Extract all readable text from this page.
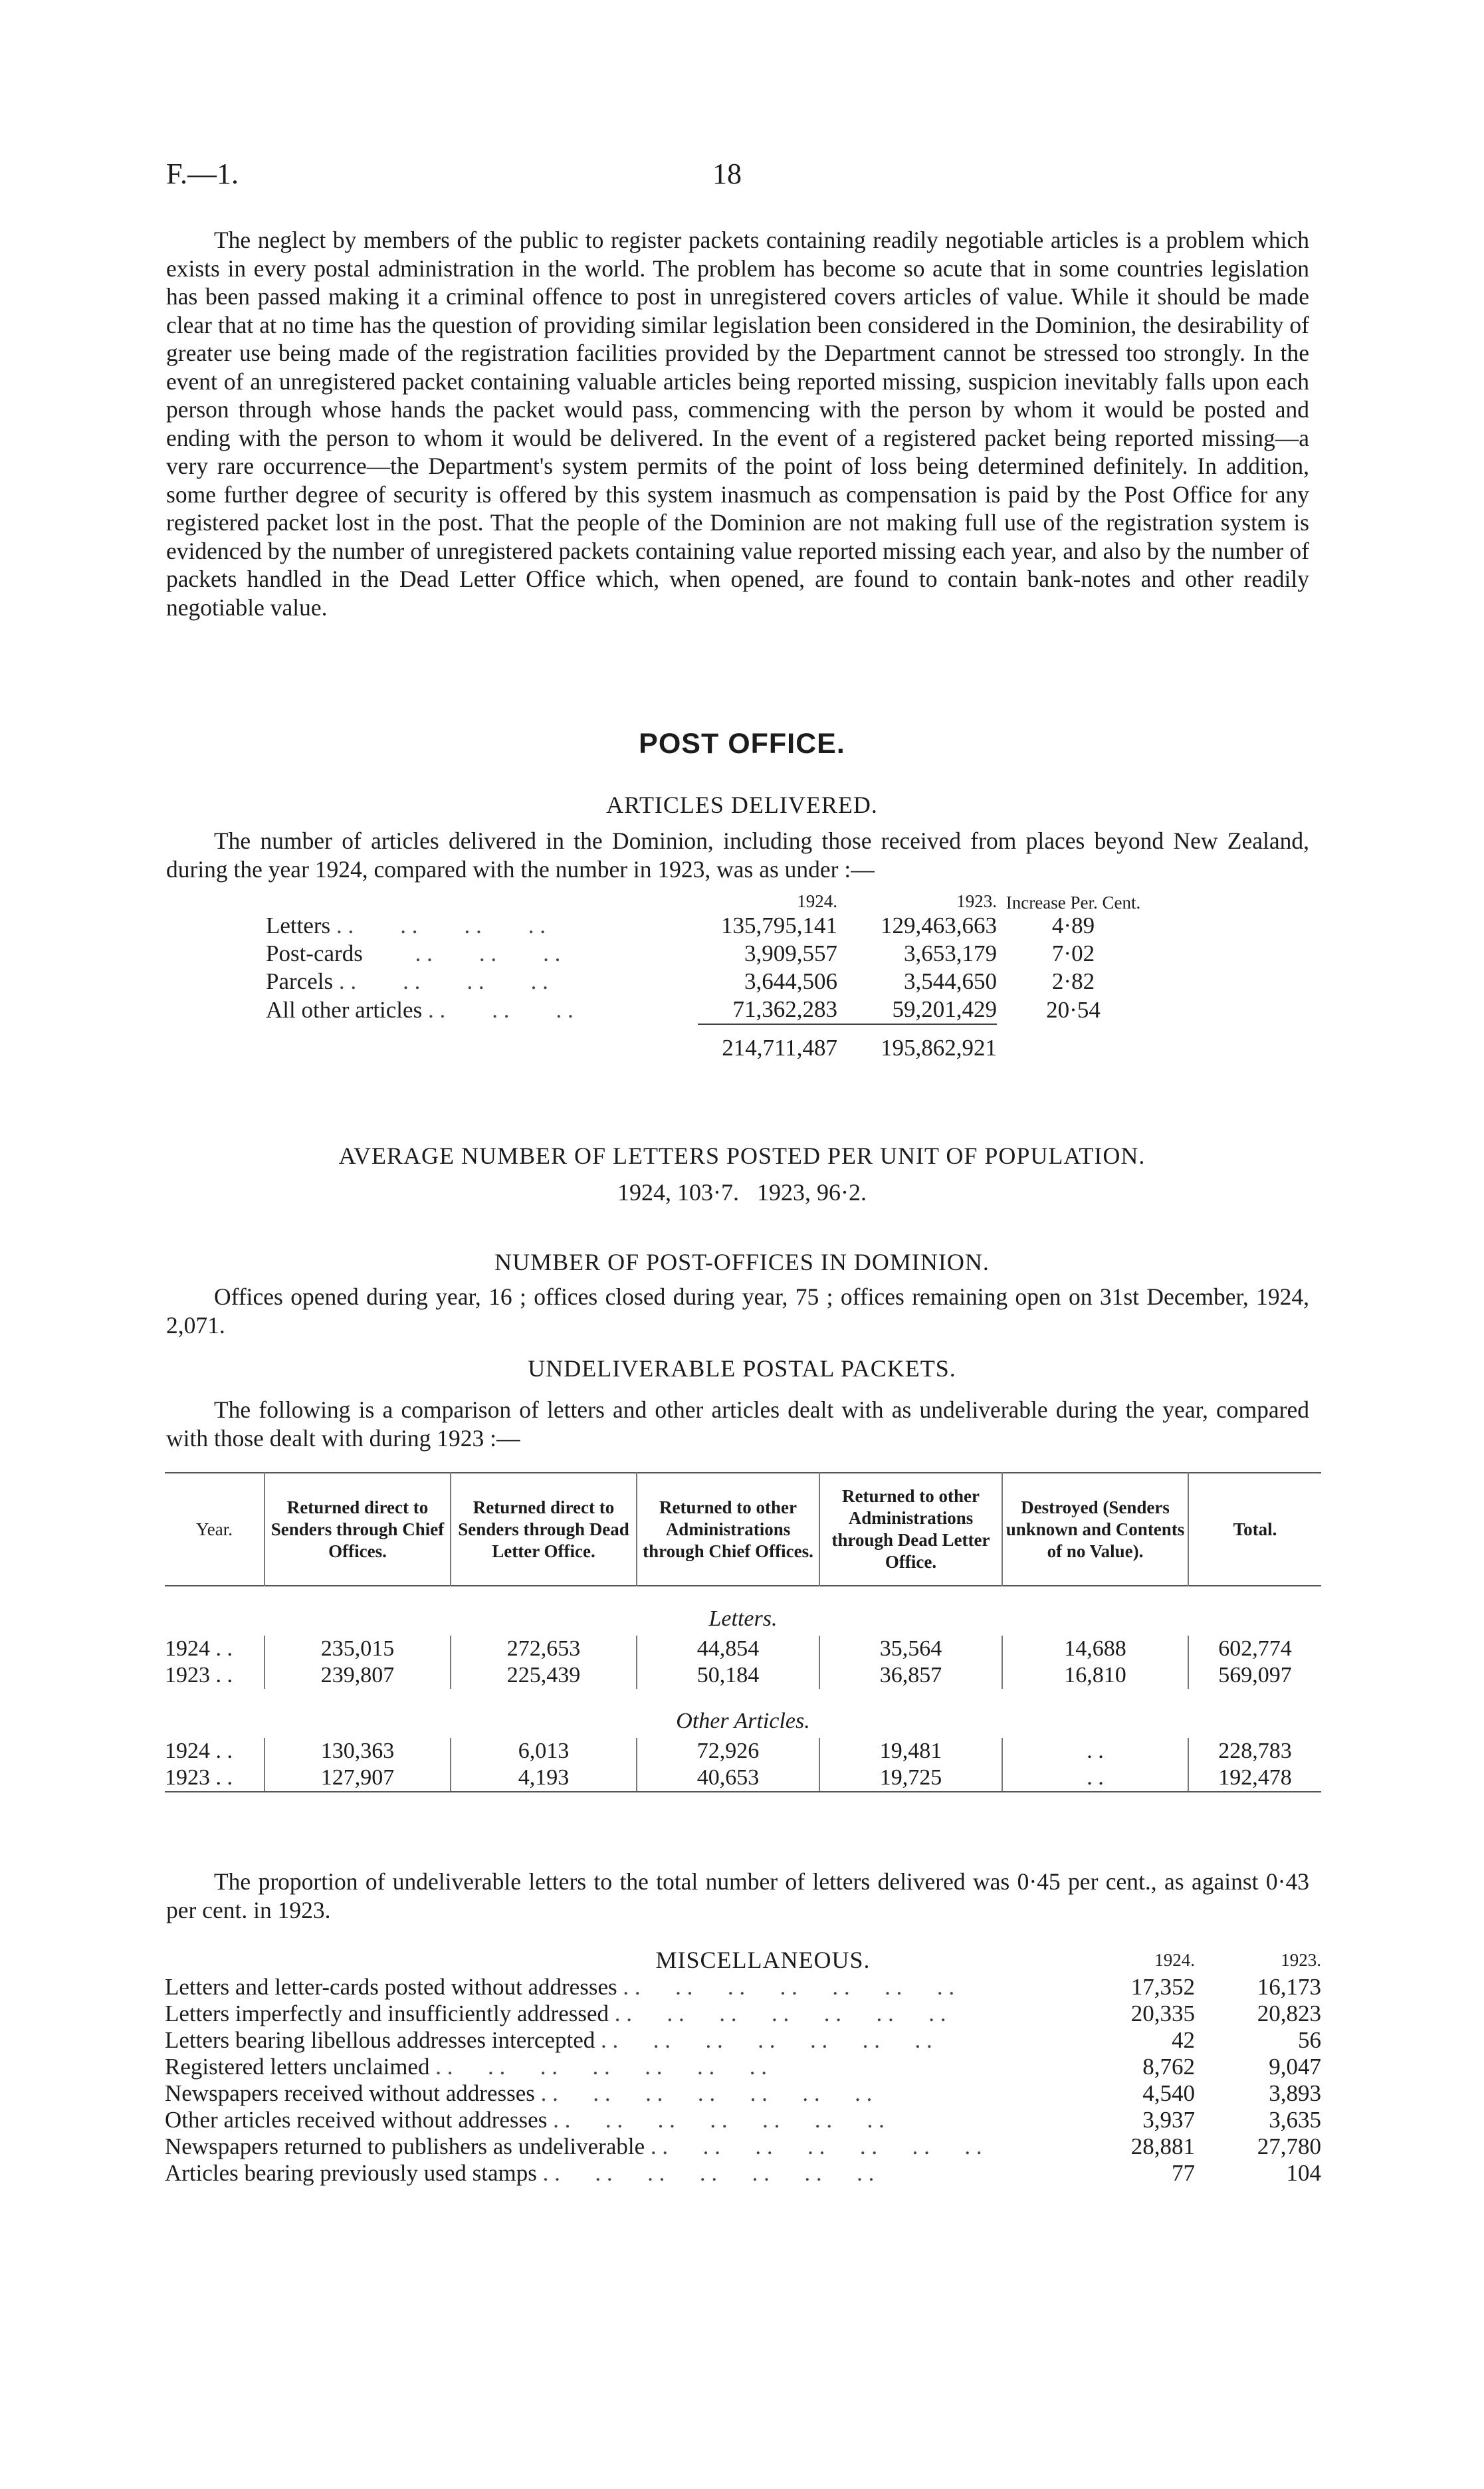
F.—1.	18

The neglect by members of the public to register packets containing readily negotiable articles is a problem which exists in every postal administration in the world. The problem has become so acute that in some countries legislation has been passed making it a criminal offence to post in unregistered covers articles of value. While it should be made clear that at no time has the question of providing similar legislation been considered in the Dominion, the desirability of greater use being made of the registration facilities provided by the Department cannot be stressed too strongly. In the event of an unregistered packet containing valuable articles being reported missing, suspicion inevitably falls upon each person through whose hands the packet would pass, commencing with the person by whom it would be posted and ending with the person to whom it would be delivered. In the event of a registered packet being reported missing—a very rare occurrence—the Department's system permits of the point of loss being determined definitely. In addition, some further degree of security is offered by this system inasmuch as compensation is paid by the Post Office for any registered packet lost in the post. That the people of the Dominion are not making full use of the registration system is evidenced by the number of unregistered packets containing value reported missing each year, and also by the number of packets handled in the Dead Letter Office which, when opened, are found to contain bank-notes and other readily negotiable value.

POST OFFICE.
ARTICLES DELIVERED.

The number of articles delivered in the Dominion, including those received from places beyond New Zealand, during the year 1924, compared with the number in 1923, was as under :—

	1924.	1923.	Increase Per. Cent.
Letters . .        . .        . .        . .	135,795,141	129,463,663	4·89
Post-cards         . .        . .        . .	3,909,557	3,653,179	7·02
Parcels . .        . .        . .        . .	3,644,506	3,544,650	2·82
All other articles . .        . .        . .	71,362,283	59,201,429	20·54
	214,711,487	195,862,921	
AVERAGE NUMBER OF LETTERS POSTED PER UNIT OF POPULATION.
1924, 103·7.   1923, 96·2.
NUMBER OF POST-OFFICES IN DOMINION.

Offices opened during year, 16 ; offices closed during year, 75 ; offices remaining open on 31st December, 1924, 2,071.

UNDELIVERABLE POSTAL PACKETS.

The following is a comparison of letters and other articles dealt with as undeliverable during the year, compared with those dealt with during 1923 :—

Year.	Returned direct to Senders through Chief Offices.	Returned direct to Senders through Dead Letter Office.	Returned to other Administrations through Chief Offices.	Returned to other Administrations through Dead Letter Office.	Destroyed (Senders unknown and Contents of no Value).	Total.
Letters.						
1924 . .	235,015	272,653	44,854	35,564	14,688	602,774
1923 . .	239,807	225,439	50,184	36,857	16,810	569,097
Other Articles.						
1924 . .	130,363	6,013	72,926	19,481	. .	228,783
1923 . .	127,907	4,193	40,653	19,725	. .	192,478

The proportion of undeliverable letters to the total number of letters delivered was 0·45 per cent., as against 0·43 per cent. in 1923.

MISCELLANEOUS.	1924.	1923.
Letters and letter-cards posted without addresses . .	17,352	16,173
Letters imperfectly and insufficiently addressed . .	20,335	20,823
Letters bearing libellous addresses intercepted . .	42	56
Registered letters unclaimed . .	8,762	9,047
Newspapers received without addresses . .	4,540	3,893
Other articles received without addresses . .	3,937	3,635
Newspapers returned to publishers as undeliverable . .	28,881	27,780
Articles bearing previously used stamps . .	77	104
